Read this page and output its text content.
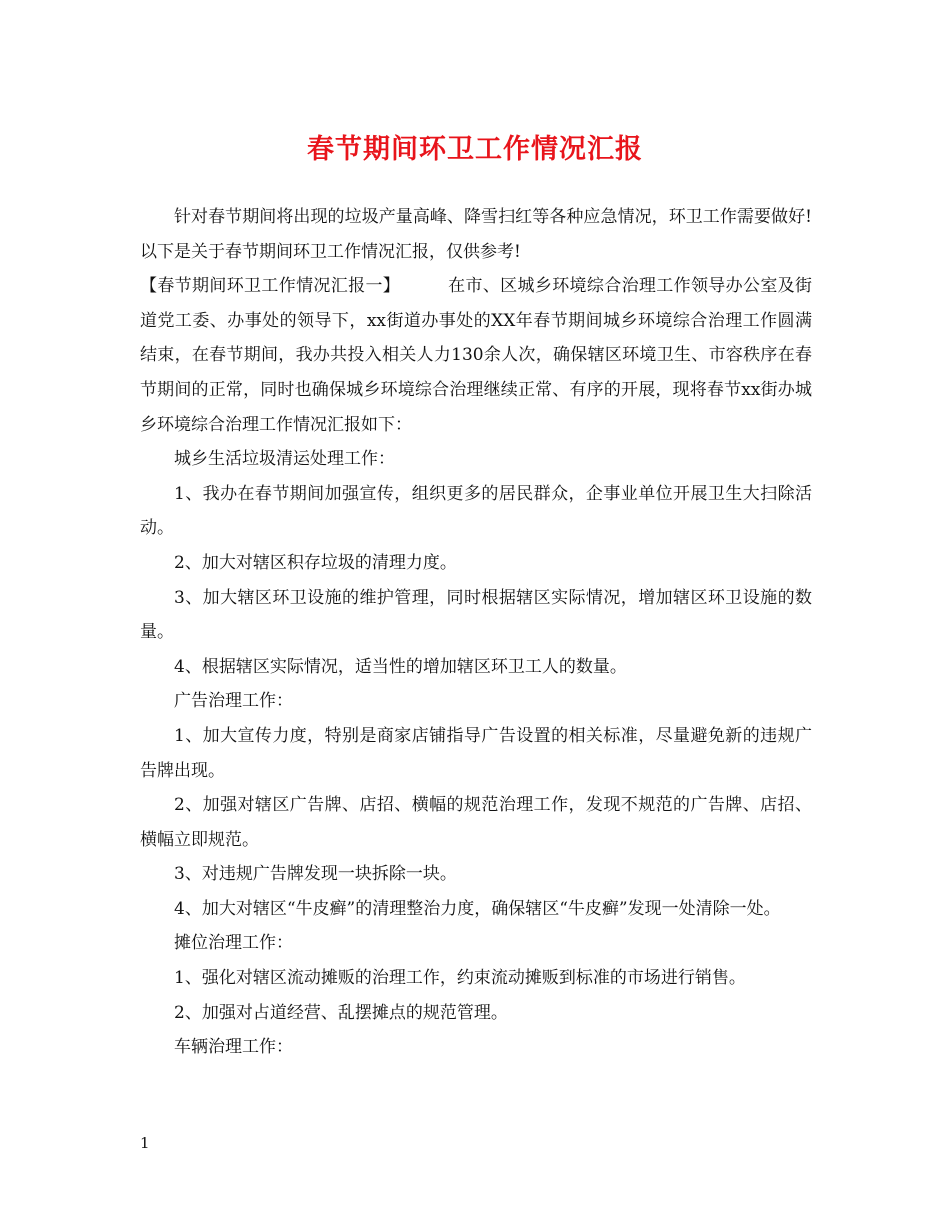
春节期间环卫工作情况汇报

针对春节期间将出现的垃圾产量高峰、降雪扫红等各种应急情况，环卫工作需要做好!以下是关于春节期间环卫工作情况汇报，仅供参考!

【春节期间环卫工作情况汇报一】	在市、区城乡环境综合治理工作领导办公室及街道党工委、办事处的领导下，xx街道办事处的XX年春节期间城乡环境综合治理工作圆满结束，在春节期间，我办共投入相关人力130余人次，确保辖区环境卫生、市容秩序在春节期间的正常，同时也确保城乡环境综合治理继续正常、有序的开展，现将春节xx街办城乡环境综合治理工作情况汇报如下：

城乡生活垃圾清运处理工作：

1、我办在春节期间加强宣传，组织更多的居民群众，企事业单位开展卫生大扫除活动。

2、加大对辖区积存垃圾的清理力度。

3、加大辖区环卫设施的维护管理，同时根据辖区实际情况，增加辖区环卫设施的数量。

4、根据辖区实际情况，适当性的增加辖区环卫工人的数量。

广告治理工作：

1、加大宣传力度，特别是商家店铺指导广告设置的相关标准，尽量避免新的违规广告牌出现。

2、加强对辖区广告牌、店招、横幅的规范治理工作，发现不规范的广告牌、店招、横幅立即规范。

3、对违规广告牌发现一块拆除一块。

4、加大对辖区“牛皮癣”的清理整治力度，确保辖区“牛皮癣”发现一处清除一处。

摊位治理工作：

1、强化对辖区流动摊贩的治理工作，约束流动摊贩到标准的市场进行销售。

2、加强对占道经营、乱摆摊点的规范管理。

车辆治理工作：

1
